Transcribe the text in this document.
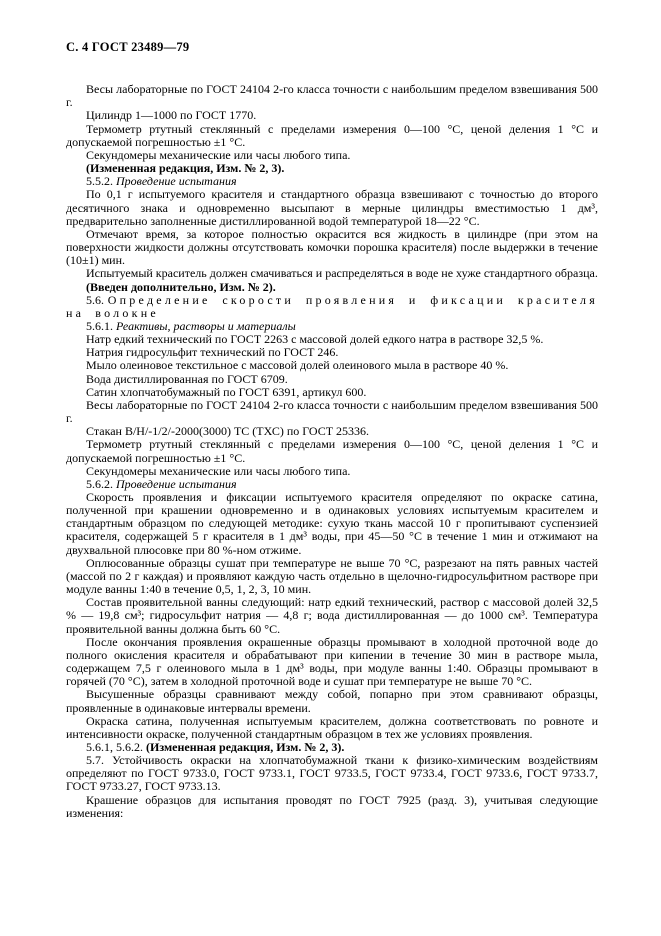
С. 4 ГОСТ 23489—79

Весы лабораторные по ГОСТ 24104 2-го класса точности с наибольшим пределом взвешивания 500 г.

Цилиндр 1—1000 по ГОСТ 1770.

Термометр ртутный стеклянный с пределами измерения 0—100 °С, ценой деления 1 °С и допускаемой погрешностью ±1 °С.

Секундомеры механические или часы любого типа.

(Измененная редакция, Изм. № 2, 3).

5.5.2. Проведение испытания

По 0,1 г испытуемого красителя и стандартного образца взвешивают с точностью до второго десятичного знака и одновременно высыпают в мерные цилиндры вместимостью 1 дм³, предварительно заполненные дистиллированной водой температурой 18—22 °С.

Отмечают время, за которое полностью окрасится вся жидкость в цилиндре (при этом на поверхности жидкости должны отсутствовать комочки порошка красителя) после выдержки в течение (10±1) мин.

Испытуемый краситель должен смачиваться и распределяться в воде не хуже стандартного образца.

(Введен дополнительно, Изм. № 2).

5.6. Определение скорости проявления и фиксации красителя на волокне

5.6.1. Реактивы, растворы и материалы

Натр едкий технический по ГОСТ 2263 с массовой долей едкого натра в растворе 32,5 %.

Натрия гидросульфит технический по ГОСТ 246.

Мыло олеиновое текстильное с массовой долей олеинового мыла в растворе 40 %.

Вода дистиллированная по ГОСТ 6709.

Сатин хлопчатобумажный по ГОСТ 6391, артикул 600.

Весы лабораторные по ГОСТ 24104 2-го класса точности с наибольшим пределом взвешивания 500 г.

Стакан В/Н/-1/2/-2000(3000) ТС (ТХС) по ГОСТ 25336.

Термометр ртутный стеклянный с пределами измерения 0—100 °С, ценой деления 1 °С и допускаемой погрешностью ±1 °С.

Секундомеры механические или часы любого типа.

5.6.2. Проведение испытания

Скорость проявления и фиксации испытуемого красителя определяют по окраске сатина, полученной при крашении одновременно и в одинаковых условиях испытуемым красителем и стандартным образцом по следующей методике: сухую ткань массой 10 г пропитывают суспензией красителя, содержащей 5 г красителя в 1 дм³ воды, при 45—50 °С в течение 1 мин и отжимают на двухвальной плюсовке при 80 %-ном отжиме.

Оплюсованные образцы сушат при температуре не выше 70 °С, разрезают на пять равных частей (массой по 2 г каждая) и проявляют каждую часть отдельно в щелочно-гидросульфитном растворе при модуле ванны 1:40 в течение 0,5, 1, 2, 3, 10 мин.

Состав проявительной ванны следующий: натр едкий технический, раствор с массовой долей 32,5 % — 19,8 см³; гидросульфит натрия — 4,8 г; вода дистиллированная — до 1000 см³. Температура проявительной ванны должна быть 60 °С.

После окончания проявления окрашенные образцы промывают в холодной проточной воде до полного окисления красителя и обрабатывают при кипении в течение 30 мин в растворе мыла, содержащем 7,5 г олеинового мыла в 1 дм³ воды, при модуле ванны 1:40. Образцы промывают в горячей (70 °С), затем в холодной проточной воде и сушат при температуре не выше 70 °С.

Высушенные образцы сравнивают между собой, попарно при этом сравнивают образцы, проявленные в одинаковые интервалы времени.

Окраска сатина, полученная испытуемым красителем, должна соответствовать по ровноте и интенсивности окраске, полученной стандартным образцом в тех же условиях проявления.

5.6.1, 5.6.2. (Измененная редакция, Изм. № 2, 3).

5.7. Устойчивость окраски на хлопчатобумажной ткани к физико-химическим воздействиям определяют по ГОСТ 9733.0, ГОСТ 9733.1, ГОСТ 9733.5, ГОСТ 9733.4, ГОСТ 9733.6, ГОСТ 9733.7, ГОСТ 9733.27, ГОСТ 9733.13.

Крашение образцов для испытания проводят по ГОСТ 7925 (разд. 3), учитывая следующие изменения:
